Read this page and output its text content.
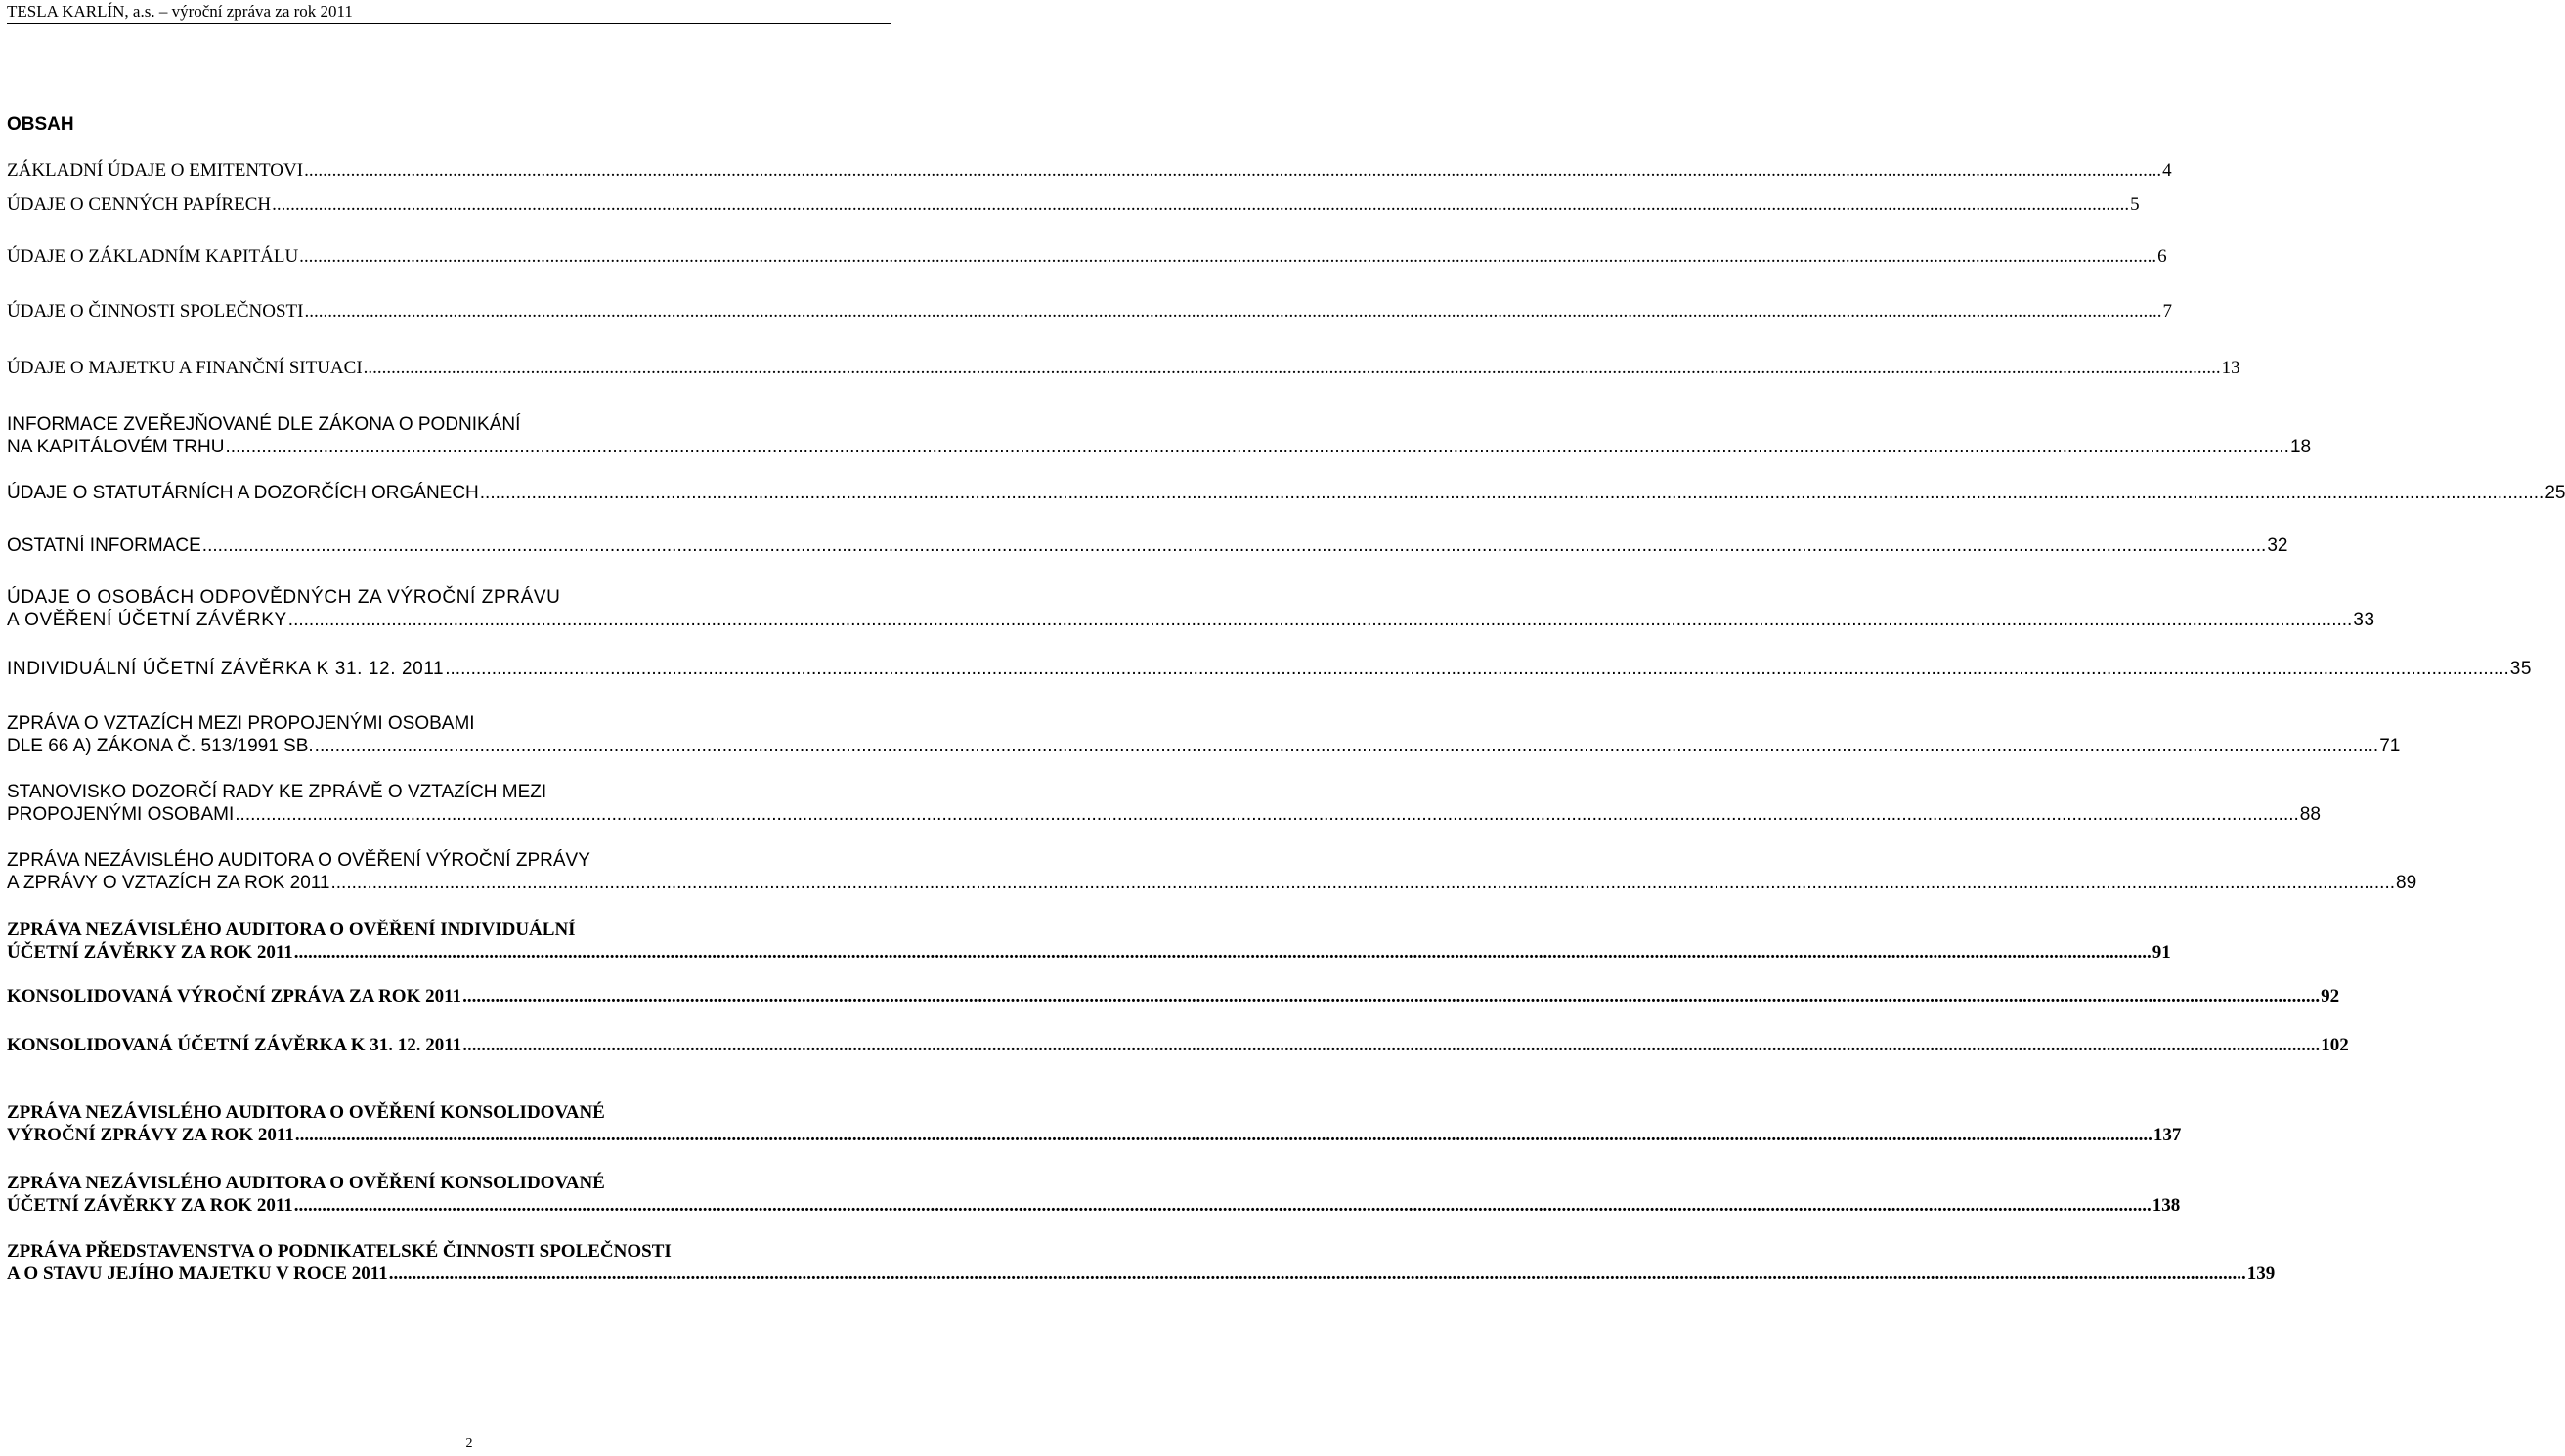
TESLA KARLÍN, a.s. – výroční zpráva za rok 2011
OBSAH
ZÁKLADNÍ ÚDAJE O EMITENTOVI ................................................................................................................................................................................................................................................................................................................................................................................................................ 4
ÚDAJE O CENNÝCH PAPÍRECH ................................................................................................................................................................................................................................................................................................................................................................................................................ 5
ÚDAJE O ZÁKLADNÍM KAPITÁLU ................................................................................................................................................................................................................................................................................................................................................................................................................ 6
ÚDAJE O ČINNOSTI SPOLEČNOSTI ................................................................................................................................................................................................................................................................................................................................................................................................................ 7
ÚDAJE O MAJETKU A FINANČNÍ SITUACI ................................................................................................................................................................................................................................................................................................................................................................................................................ 13
INFORMACE ZVEŘEJŇOVANÉ DLE ZÁKONA O PODNIKÁNÍ
NA KAPITÁLOVÉM TRHU ................................................................................................................................................................................................................................................................................................................................................................................................................ 18
ÚDAJE O STATUTÁRNÍCH A DOZORČÍCH ORGÁNECH ................................................................................................................................................................................................................................................................................................................................................................................................................ 25
OSTATNÍ INFORMACE ................................................................................................................................................................................................................................................................................................................................................................................................................ 32
ÚDAJE O OSOBÁCH ODPOVĚDNÝCH ZA VÝROČNÍ ZPRÁVU
A OVĚŘENÍ ÚČETNÍ ZÁVĚRKY ................................................................................................................................................................................................................................................................................................................................................................................................................ 33
INDIVIDUÁLNÍ ÚČETNÍ ZÁVĚRKA K 31. 12. 2011 ................................................................................................................................................................................................................................................................................................................................................................................................................ 35
ZPRÁVA O VZTAZÍCH MEZI PROPOJENÝMI OSOBAMI
DLE 66 A) ZÁKONA Č. 513/1991 SB. ................................................................................................................................................................................................................................................................................................................................................................................................................ 71
STANOVISKO DOZORČÍ RADY KE ZPRÁVĚ O VZTAZÍCH MEZI
PROPOJENÝMI OSOBAMI ................................................................................................................................................................................................................................................................................................................................................................................................................ 88
ZPRÁVA NEZÁVISLÉHO AUDITORA O OVĚŘENÍ VÝROČNÍ ZPRÁVY
A ZPRÁVY O VZTAZÍCH ZA ROK 2011 ................................................................................................................................................................................................................................................................................................................................................................................................................ 89
ZPRÁVA NEZÁVISLÉHO AUDITORA O OVĚŘENÍ INDIVIDUÁLNÍ
ÚČETNÍ ZÁVĚRKY ZA ROK 2011 ................................................................................................................................................................................................................................................................................................................................................................................................................ 91
KONSOLIDOVANÁ VÝROČNÍ ZPRÁVA ZA ROK 2011 ................................................................................................................................................................................................................................................................................................................................................................................................................ 92
KONSOLIDOVANÁ ÚČETNÍ ZÁVĚRKA K 31. 12. 2011 ................................................................................................................................................................................................................................................................................................................................................................................................................ 102
ZPRÁVA NEZÁVISLÉHO AUDITORA O OVĚŘENÍ KONSOLIDOVANÉ
VÝROČNÍ ZPRÁVY ZA ROK 2011 ................................................................................................................................................................................................................................................................................................................................................................................................................ 137
ZPRÁVA NEZÁVISLÉHO AUDITORA O OVĚŘENÍ KONSOLIDOVANÉ
ÚČETNÍ ZÁVĚRKY ZA ROK 2011 ................................................................................................................................................................................................................................................................................................................................................................................................................ 138
ZPRÁVA PŘEDSTAVENSTVA O PODNIKATELSKÉ ČINNOSTI SPOLEČNOSTI
A O STAVU JEJÍHO MAJETKU V ROCE 2011 ................................................................................................................................................................................................................................................................................................................................................................................................................ 139
2
